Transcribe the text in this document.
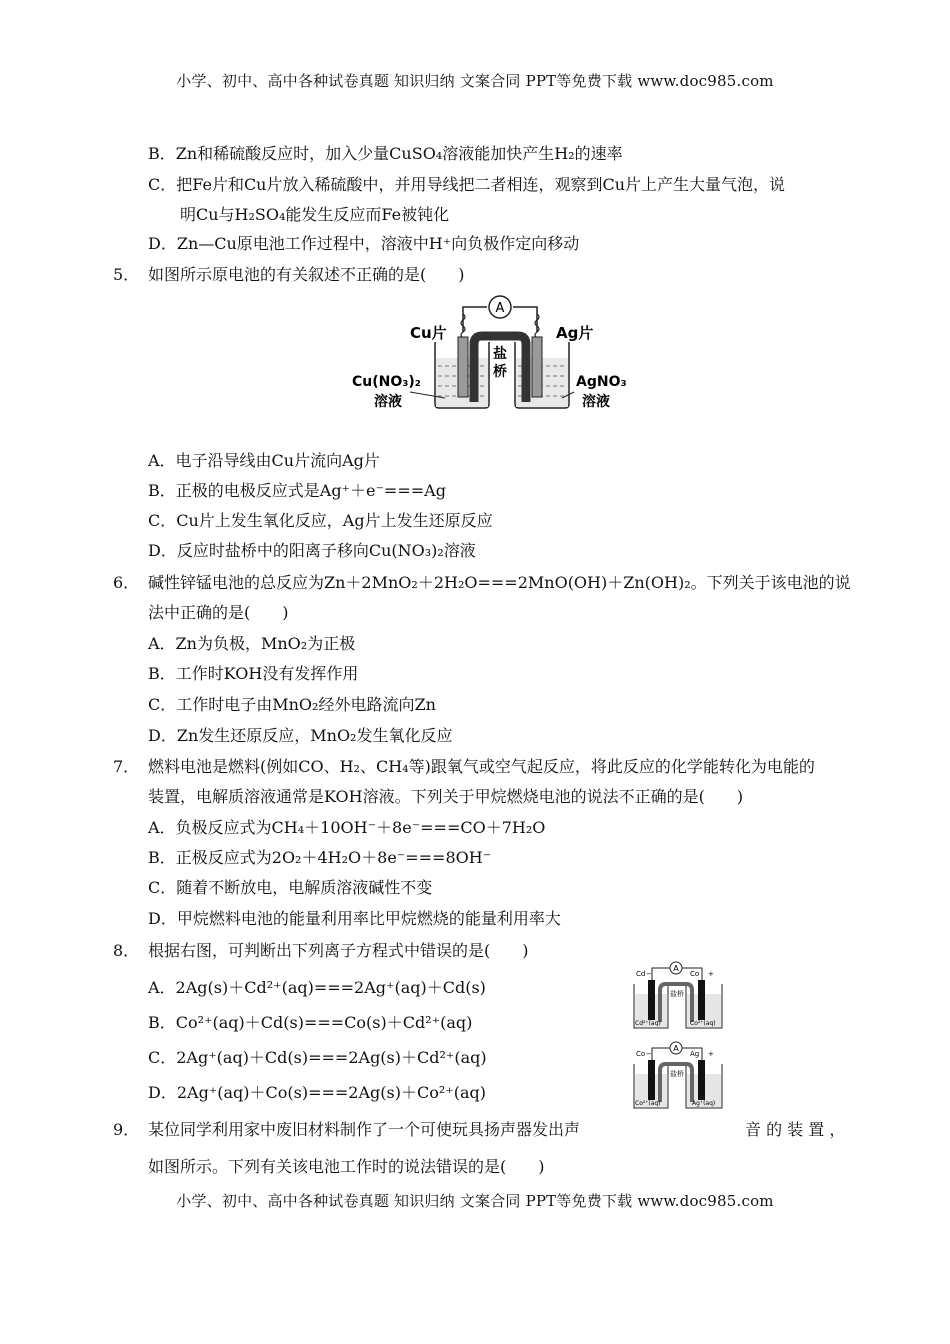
小学、初中、高中各种试卷真题 知识归纳 文案合同 PPT等免费下载 www.doc985.com
B．Zn和稀硫酸反应时，加入少量CuSO₄溶液能加快产生H₂的速率
C．把Fe片和Cu片放入稀硫酸中，并用导线把二者相连，观察到Cu片上产生大量气泡，说
明Cu与H₂SO₄能发生反应而Fe被钝化
D．Zn—Cu原电池工作过程中，溶液中H⁺向负极作定向移动
5． 如图所示原电池的有关叙述不正确的是(　　)
A
盐
桥
Cu片	Ag片
Cu(NO₃)₂
溶液
AgNO₃
溶液
A．电子沿导线由Cu片流向Ag片
B．正极的电极反应式是Ag⁺＋e⁻===Ag
C．Cu片上发生氧化反应，Ag片上发生还原反应
D．反应时盐桥中的阳离子移向Cu(NO₃)₂溶液
6． 碱性锌锰电池的总反应为Zn＋2MnO₂＋2H₂O===2MnO(OH)＋Zn(OH)₂。下列关于该电池的说
法中正确的是(　　)
A．Zn为负极，MnO₂为正极
B．工作时KOH没有发挥作用
C．工作时电子由MnO₂经外电路流向Zn
D．Zn发生还原反应，MnO₂发生氧化反应
7． 燃料电池是燃料(例如CO、H₂、CH₄等)跟氧气或空气起反应，将此反应的化学能转化为电能的
装置，电解质溶液通常是KOH溶液。下列关于甲烷燃烧电池的说法不正确的是(　　)
A．负极反应式为CH₄＋10OH⁻＋8e⁻===CO＋7H₂O
B．正极反应式为2O₂＋4H₂O＋8e⁻===8OH⁻
C．随着不断放电，电解质溶液碱性不变
D．甲烷燃料电池的能量利用率比甲烷燃烧的能量利用率大
8． 根据右图，可判断出下列离子方程式中错误的是(　　)
A．2Ag(s)＋Cd²⁺(aq)===2Ag⁺(aq)＋Cd(s)
B．Co²⁺(aq)＋Cd(s)===Co(s)＋Cd²⁺(aq)
C．2Ag⁺(aq)＋Cd(s)===2Ag(s)＋Cd²⁺(aq)
D．2Ag⁺(aq)＋Co(s)===2Ag(s)＋Co²⁺(aq)
A
Cd −	Co +
盐桥
Cd²⁺(aq)	Co²⁺(aq)
A
Co −	Ag +
盐桥
Co²⁺(aq)	Ag⁺(aq)
9． 某位同学利用家中废旧材料制作了一个可使玩具扬声器发出声	音 的 装 置 ，
如图所示。下列有关该电池工作时的说法错误的是(　　)
小学、初中、高中各种试卷真题 知识归纳 文案合同 PPT等免费下载 www.doc985.com
